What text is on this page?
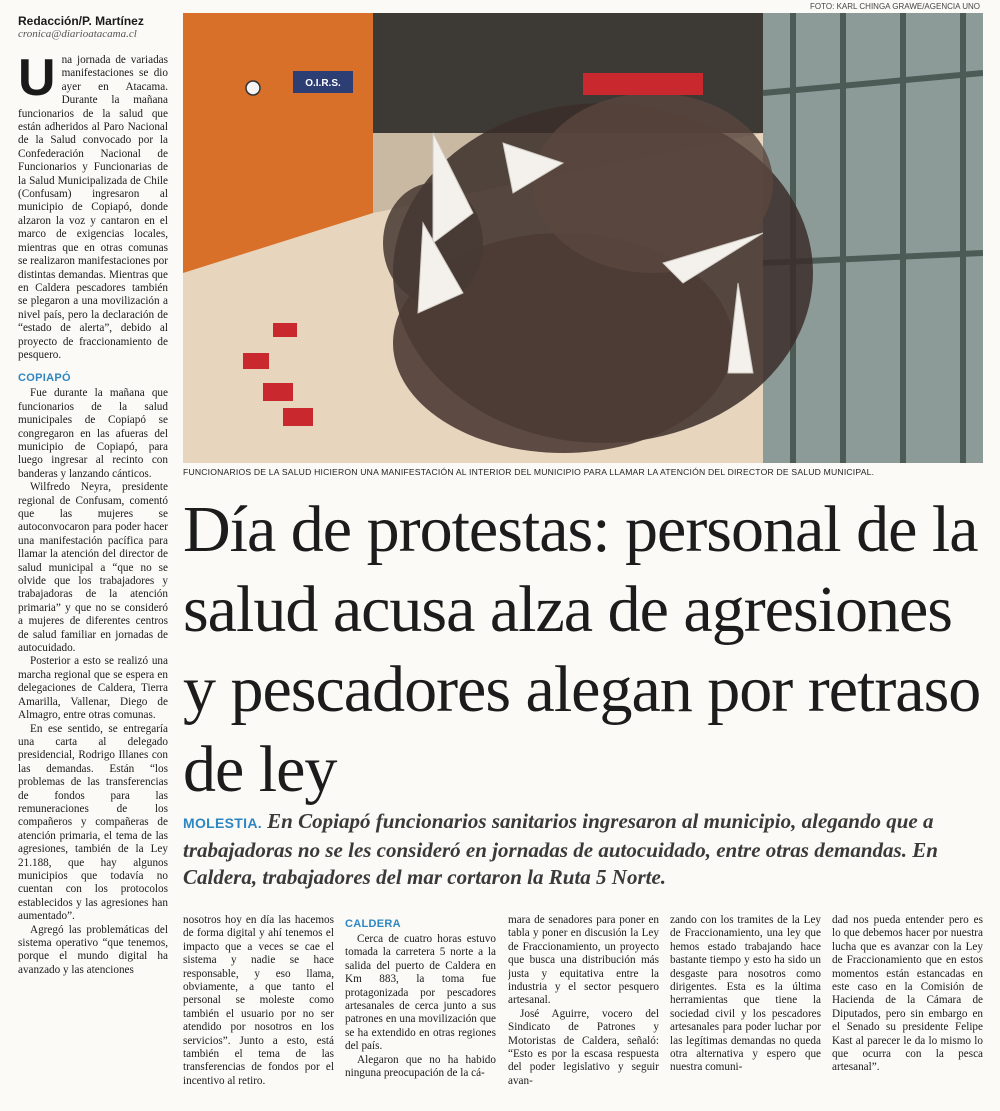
Redacción/P. Martínez

cronica@diarioatacama.cl

U na jornada de variadas manifestaciones se dio ayer en Atacama. Durante la mañana funcionarios de la salud que están adheridos al Paro Nacional de la Salud convocado por la Confederación Nacional de Funcionarios y Funcionarias de la Salud Municipalizada de Chile (Confusam) ingresaron al municipio de Copiapó, donde alzaron la voz y cantaron en el marco de exigencias locales, mientras que en otras comunas se realizaron manifestaciones por distintas demandas. Mientras que en Caldera pescadores también se plegaron a una movilización a nivel país, pero la declaración de “estado de alerta”, debido al proyecto de fraccionamiento de pesquero.

COPIAPÓ

Fue durante la mañana que funcionarios de la salud municipales de Copiapó se congregaron en las afueras del municipio de Copiapó, para luego ingresar al recinto con banderas y lanzando cánticos.

Wilfredo Neyra, presidente regional de Confusam, comentó que las mujeres se autoconvocaron para poder hacer una manifestación pacífica para llamar la atención del director de salud municipal a “que no se olvide que los trabajadores y trabajadoras de la atención primaria” y que no se consideró a mujeres de diferentes centros de salud familiar en jornadas de autocuidado.

Posterior a esto se realizó una marcha regional que se espera en delegaciones de Caldera, Tierra Amarilla, Vallenar, Diego de Almagro, entre otras comunas.

En ese sentido, se entregaría una carta al delegado presidencial, Rodrigo Illanes con las demandas. Están “los problemas de las transferencias de fondos para las remuneraciones de los compañeros y compañeras de atención primaria, el tema de las agresiones, también de la Ley 21.188, que hay algunos municipios que todavía no cuentan con los protocolos establecidos y las agresiones han aumentado”.

Agregó las problemáticas del sistema operativo “que tenemos, porque el mundo digital ha avanzado y las atenciones

FOTO: KARL CHINGA GRAWE/AGENCIA UNO
O.I.R.S.
FUNCIONARIOS DE LA SALUD HICIERON UNA MANIFESTACIÓN AL INTERIOR DEL MUNICIPIO PARA LLAMAR LA ATENCIÓN DEL DIRECTOR DE SALUD MUNICIPAL.
Día de protestas: personal de la salud acusa alza de agresiones y pescadores alegan por retraso de ley

MOLESTIA. En Copiapó funcionarios sanitarios ingresaron al municipio, alegando que a trabajadoras no se les consideró en jornadas de autocuidado, entre otras demandas. En Caldera, trabajadores del mar cortaron la Ruta 5 Norte.

nosotros hoy en día las hacemos de forma digital y ahí tenemos el impacto que a veces se cae el sistema y nadie se hace responsable, y eso llama, obviamente, a que tanto el personal se moleste como también el usuario por no ser atendido por nosotros en los servicios”. Junto a esto, está también el tema de las transferencias de fondos por el incentivo al retiro.

CALDERA

Cerca de cuatro horas estuvo tomada la carretera 5 norte a la salida del puerto de Caldera en Km 883, la toma fue protagonizada por pescadores artesanales de cerca junto a sus patrones en una movilización que se ha extendido en otras regiones del país.

Alegaron que no ha habido ninguna preocupación de la cá-

mara de senadores para poner en tabla y poner en discusión la Ley de Fraccionamiento, un proyecto que busca una distribución más justa y equitativa entre la industria y el sector pesquero artesanal.

José Aguirre, vocero del Sindicato de Patrones y Motoristas de Caldera, señaló: “Esto es por la escasa respuesta del poder legislativo y seguir avan-

zando con los tramites de la Ley de Fraccionamiento, una ley que hemos estado trabajando hace bastante tiempo y esto ha sido un desgaste para nosotros como dirigentes. Esta es la última herramientas que tiene la sociedad civil y los pescadores artesanales para poder luchar por las legítimas demandas no queda otra alternativa y espero que nuestra comuni-

dad nos pueda entender pero es lo que debemos hacer por nuestra lucha que es avanzar con la Ley de Fraccionamiento que en estos momentos están estancadas en este caso en la Comisión de Hacienda de la Cámara de Diputados, pero sin embargo en el Senado su presidente Felipe Kast al parecer le da lo mismo lo que ocurra con la pesca artesanal”.
